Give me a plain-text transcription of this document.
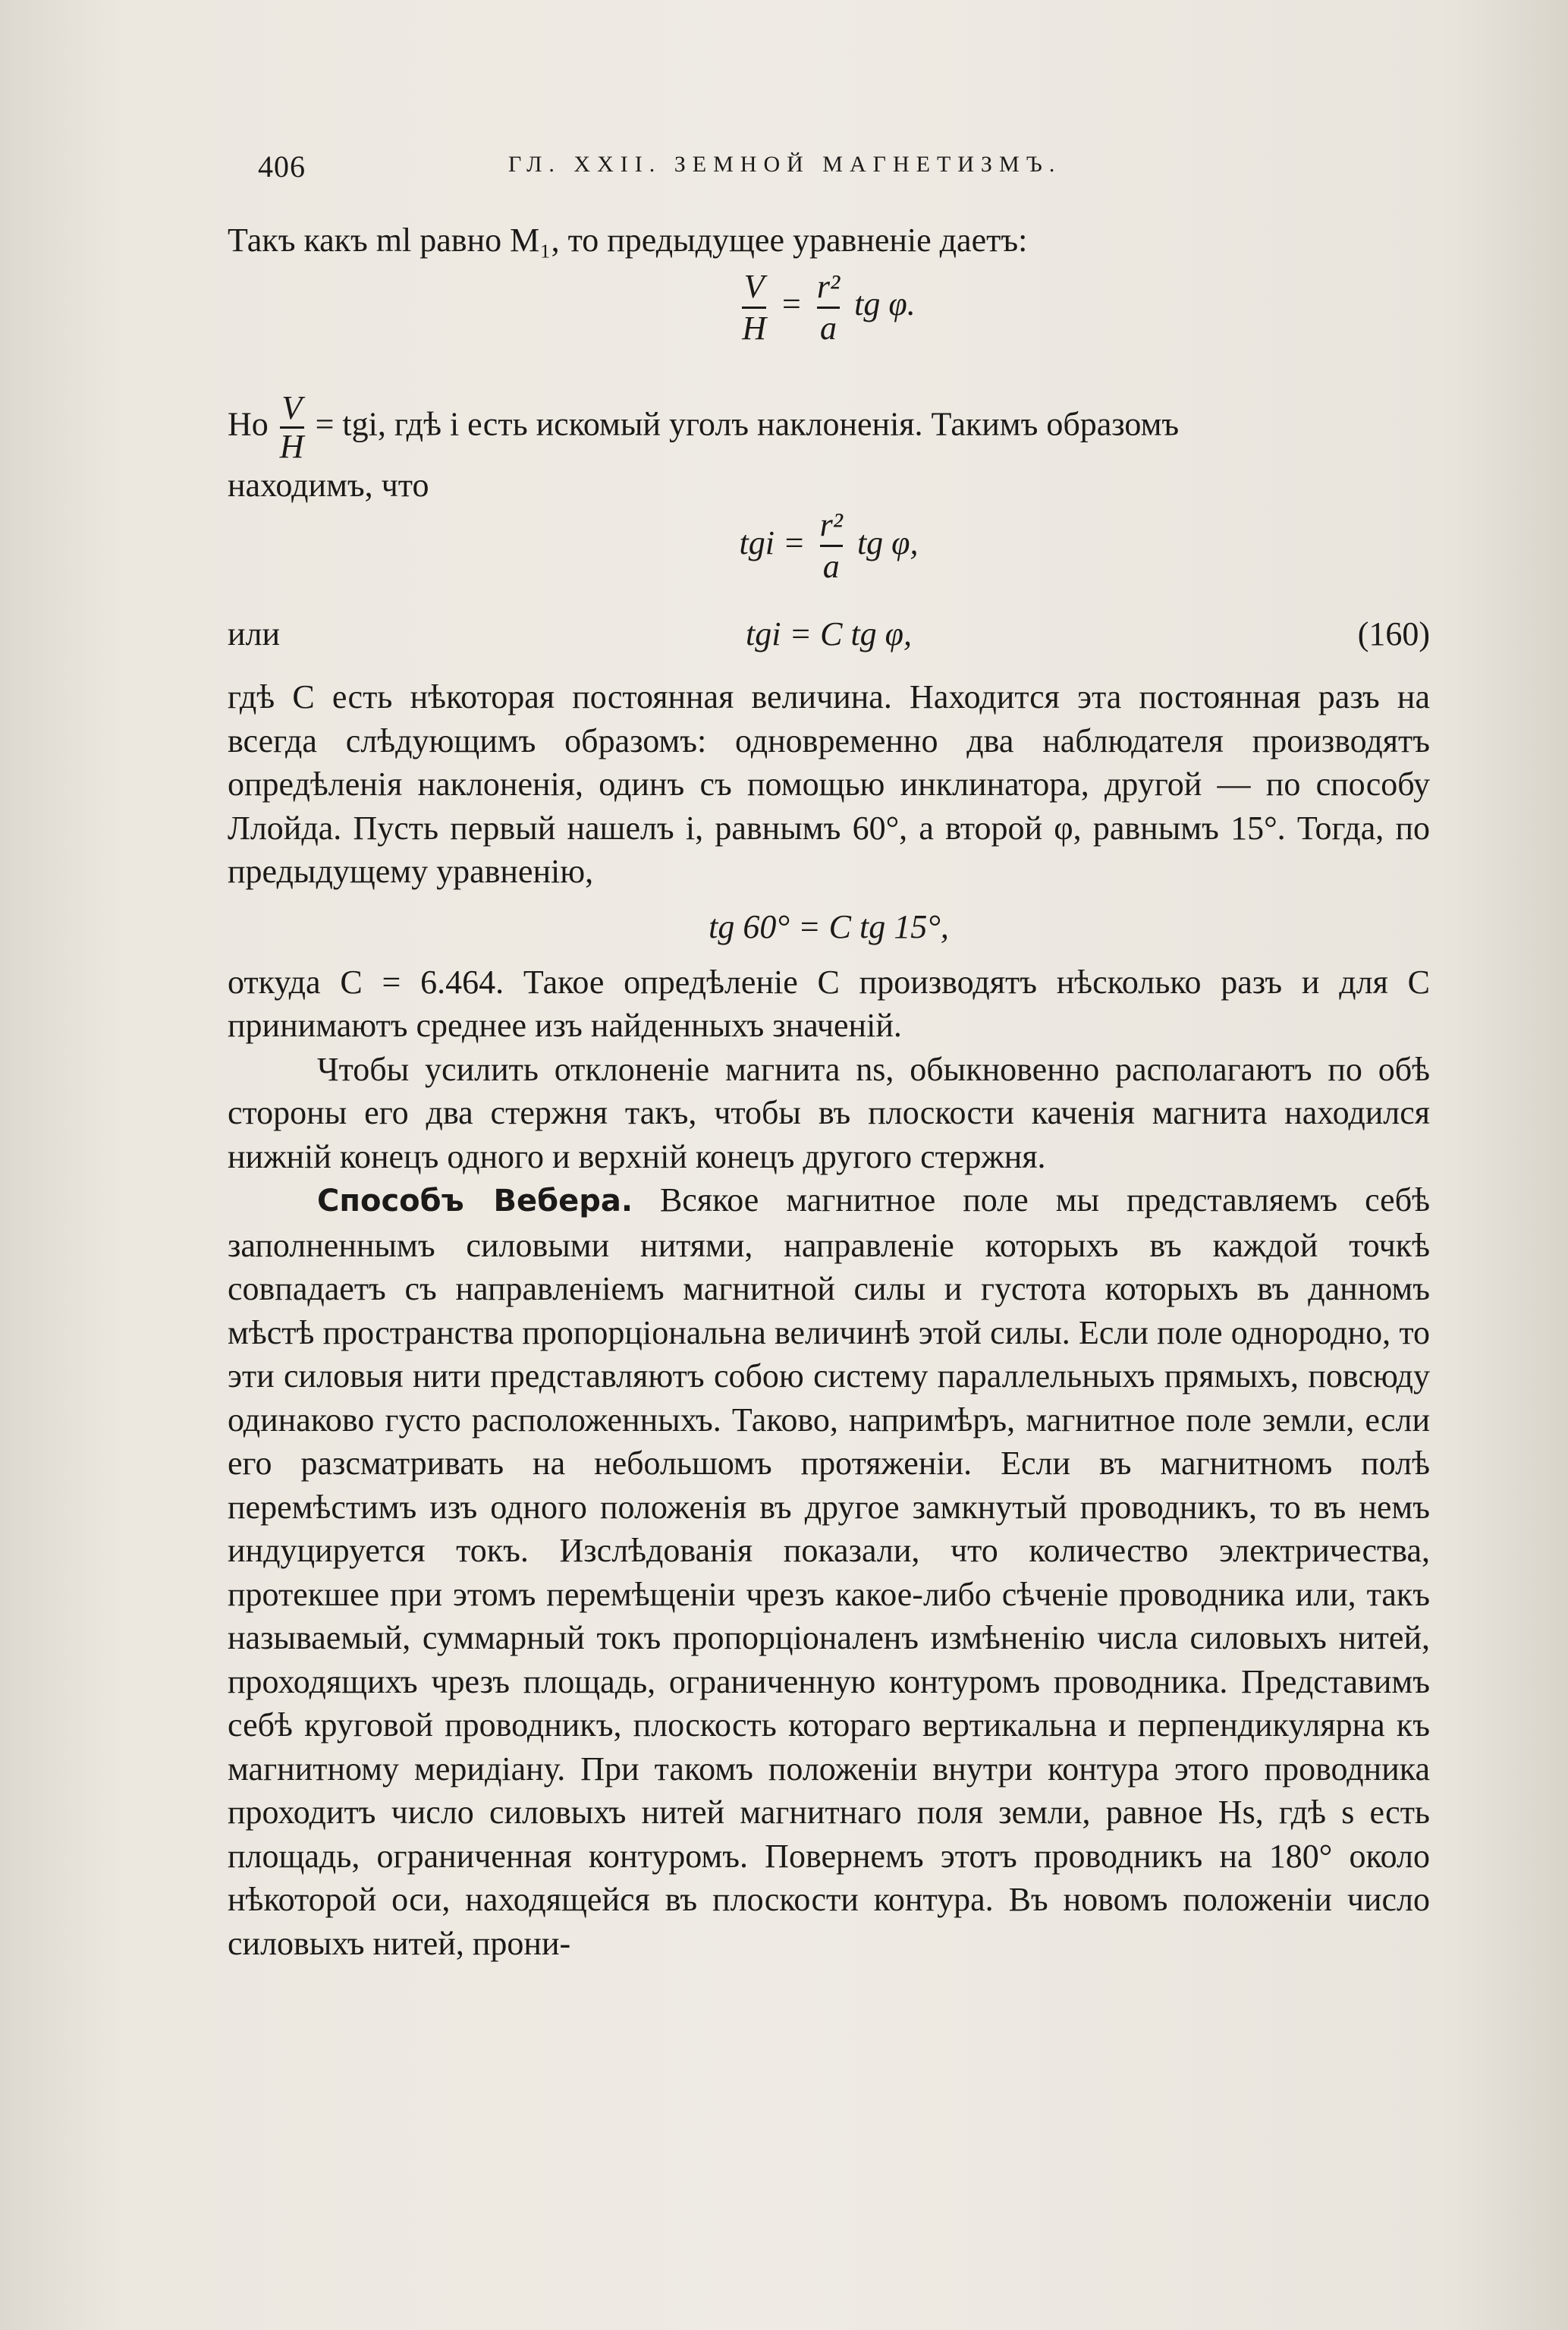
406	ГЛ. XXII. ЗЕМНОЙ МАГНЕТИЗМЪ.

Такъ какъ ml равно M₁, то предыдущее уравненіе даетъ:

$\frac{V}{H} = \frac{\text{r²}}{a}$ tg φ.

Но $\frac{V}{H}$ = tgi, гдѣ i есть искомый уголъ наклоненія. Такимъ образомъ

находимъ, что

tgi = $\frac{\text{r²}}{a}$ tg φ,
или	tgi = C tg φ,	(160)

гдѣ C есть нѣкоторая постоянная величина. Находится эта постоянная разъ на всегда слѣдующимъ образомъ: одновременно два наблюдателя производятъ опредѣленія наклоненія, одинъ съ помощью инклинатора, другой — по способу Ллойда. Пусть первый нашелъ i, равнымъ 60°, а второй φ, равнымъ 15°. Тогда, по предыдущему уравненію,

tg 60° = C tg 15°,

откуда C = 6.464. Такое опредѣленіе C производятъ нѣсколько разъ и для C принимаютъ среднее изъ найденныхъ значеній.

Чтобы усилить отклоненіе магнита ns, обыкновенно располагаютъ по обѣ стороны его два стержня такъ, чтобы въ плоскости каченія магнита находился нижній конецъ одного и верхній конецъ другого стержня.

Способъ Вебера. Всякое магнитное поле мы представляемъ себѣ заполненнымъ силовыми нитями, направленіе которыхъ въ каждой точкѣ совпадаетъ съ направленіемъ магнитной силы и густота которыхъ въ данномъ мѣстѣ пространства пропорціональна величинѣ этой силы. Если поле однородно, то эти силовыя нити представляютъ собою систему параллельныхъ прямыхъ, повсюду одинаково густо расположенныхъ. Таково, напримѣръ, магнитное поле земли, если его разсматривать на небольшомъ протяженіи. Если въ магнитномъ полѣ перемѣстимъ изъ одного положенія въ другое замкнутый проводникъ, то въ немъ индуцируется токъ. Изслѣдованія показали, что количество электричества, протекшее при этомъ перемѣщеніи чрезъ какое-либо сѣченіе проводника или, такъ называемый, суммарный токъ пропорціоналенъ измѣненію числа силовыхъ нитей, проходящихъ чрезъ площадь, ограниченную контуромъ проводника. Представимъ себѣ круговой проводникъ, плоскость котораго вертикальна и перпендикулярна къ магнитному меридіану. При такомъ положеніи внутри контура этого проводника проходитъ число силовыхъ нитей магнитнаго поля земли, равное Hs, гдѣ s есть площадь, ограниченная контуромъ. Повернемъ этотъ проводникъ на 180° около нѣкоторой оси, находящейся въ плоскости контура. Въ новомъ положеніи число силовыхъ нитей, прони-
